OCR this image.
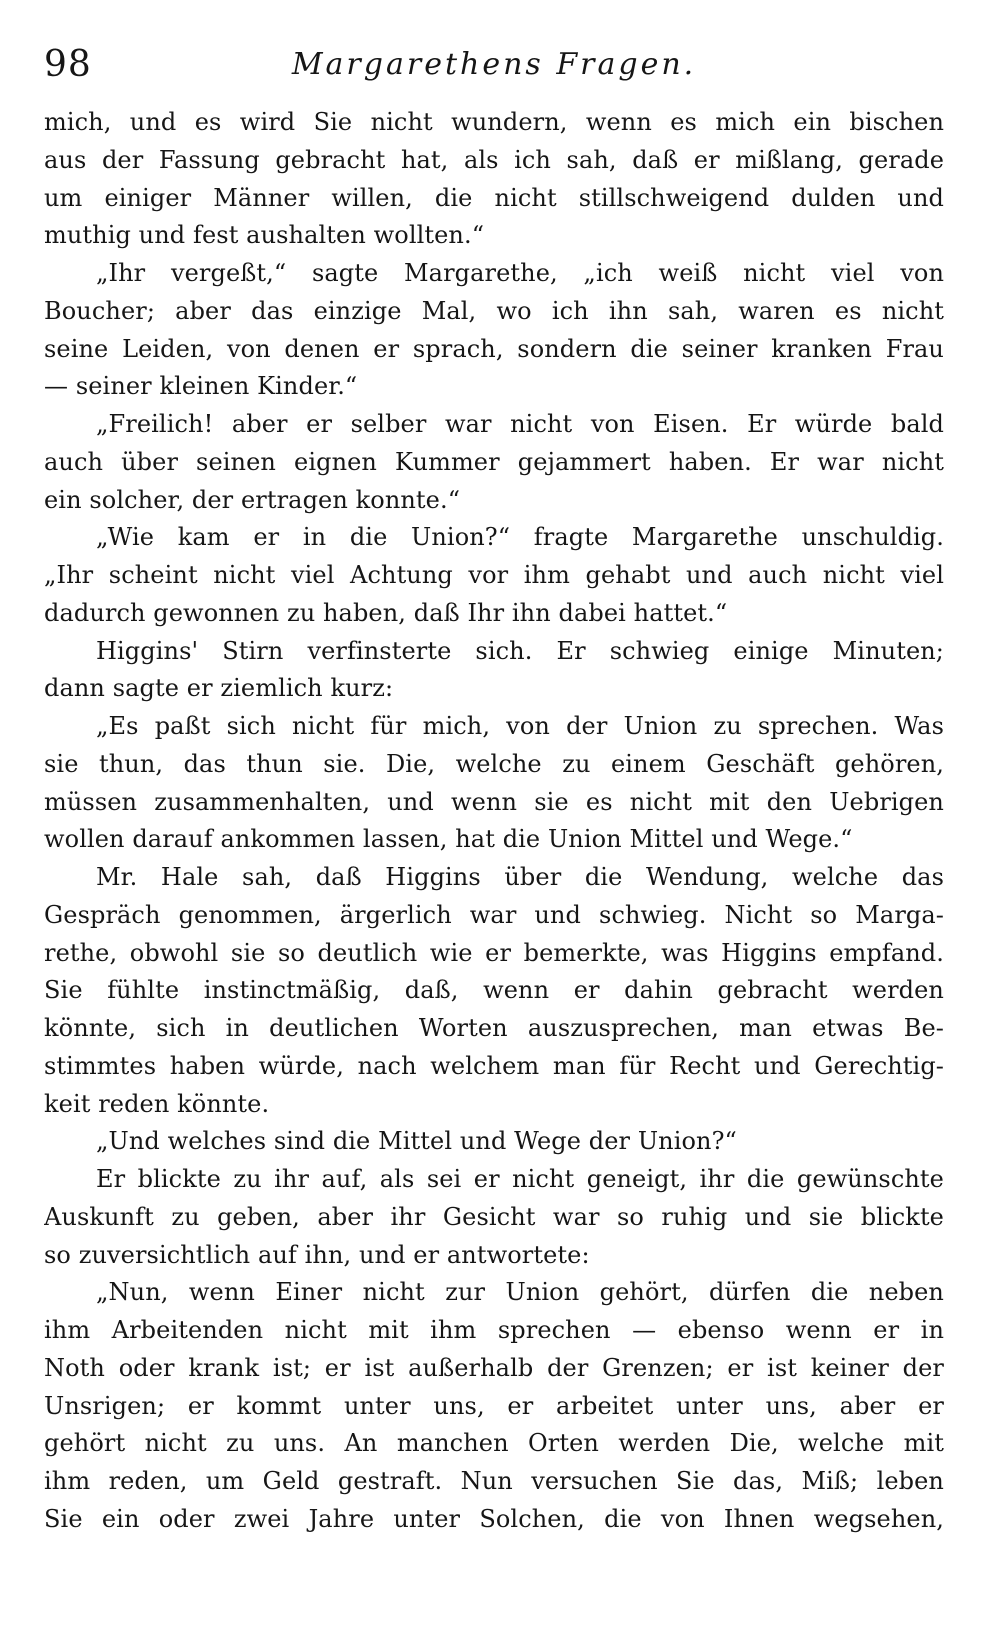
98	Margarethens Fragen.
mich, und es wird Sie nicht wundern, wenn es mich ein bischen
aus der Fassung gebracht hat, als ich sah, daß er mißlang, gerade
um einiger Männer willen, die nicht stillschweigend dulden und
muthig und fest aushalten wollten.“
„Ihr vergeßt,“ sagte Margarethe, „ich weiß nicht viel von
Boucher; aber das einzige Mal, wo ich ihn sah, waren es nicht
seine Leiden, von denen er sprach, sondern die seiner kranken Frau
— seiner kleinen Kinder.“
„Freilich! aber er selber war nicht von Eisen. Er würde bald
auch über seinen eignen Kummer gejammert haben. Er war nicht
ein solcher, der ertragen konnte.“
„Wie kam er in die Union?“ fragte Margarethe unschuldig.
„Ihr scheint nicht viel Achtung vor ihm gehabt und auch nicht viel
dadurch gewonnen zu haben, daß Ihr ihn dabei hattet.“
Higgins' Stirn verfinsterte sich. Er schwieg einige Minuten;
dann sagte er ziemlich kurz:
„Es paßt sich nicht für mich, von der Union zu sprechen. Was
sie thun, das thun sie. Die, welche zu einem Geschäft gehören,
müssen zusammenhalten, und wenn sie es nicht mit den Uebrigen
wollen darauf ankommen lassen, hat die Union Mittel und Wege.“
Mr. Hale sah, daß Higgins über die Wendung, welche das
Gespräch genommen, ärgerlich war und schwieg. Nicht so Marga-
rethe, obwohl sie so deutlich wie er bemerkte, was Higgins empfand.
Sie fühlte instinctmäßig, daß, wenn er dahin gebracht werden
könnte, sich in deutlichen Worten auszusprechen, man etwas Be-
stimmtes haben würde, nach welchem man für Recht und Gerechtig-
keit reden könnte.
„Und welches sind die Mittel und Wege der Union?“
Er blickte zu ihr auf, als sei er nicht geneigt, ihr die gewünschte
Auskunft zu geben, aber ihr Gesicht war so ruhig und sie blickte
so zuversichtlich auf ihn, und er antwortete:
„Nun, wenn Einer nicht zur Union gehört, dürfen die neben
ihm Arbeitenden nicht mit ihm sprechen — ebenso wenn er in
Noth oder krank ist; er ist außerhalb der Grenzen; er ist keiner der
Unsrigen; er kommt unter uns, er arbeitet unter uns, aber er
gehört nicht zu uns. An manchen Orten werden Die, welche mit
ihm reden, um Geld gestraft. Nun versuchen Sie das, Miß; leben
Sie ein oder zwei Jahre unter Solchen, die von Ihnen wegsehen,
